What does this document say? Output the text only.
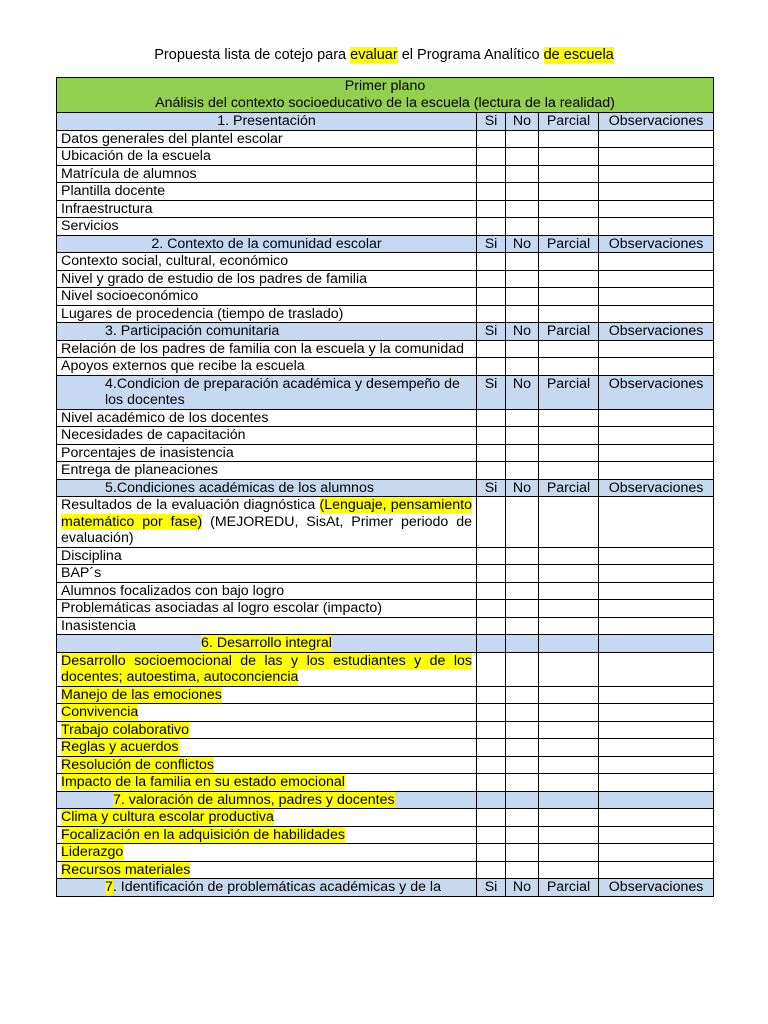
Propuesta lista de cotejo para evaluar el Programa Analítico de escuela
Primer plano
Análisis del contexto socioeducativo de la escuela (lectura de la realidad)				

1. Presentación	Si	No	Parcial	Observaciones
Datos generales del plantel escolar				
Ubicación de la escuela				
Matrícula de alumnos				
Plantilla docente				
Infraestructura				
Servicios				
2. Contexto de la comunidad escolar	Si	No	Parcial	Observaciones
Contexto social, cultural, económico				
Nivel y grado de estudio de los padres de familia				
Nivel socioeconómico				
Lugares de procedencia (tiempo de traslado)				
3. Participación comunitaria	Si	No	Parcial	Observaciones
Relación de los padres de familia con la escuela y la comunidad				
Apoyos externos que recibe la escuela				
4.Condicion de preparación académica y desempeño de los docentes	Si	No	Parcial	Observaciones
Nivel académico de los docentes				
Necesidades de capacitación				
Porcentajes de inasistencia				
Entrega de planeaciones				
5.Condiciones académicas de los alumnos	Si	No	Parcial	Observaciones
Resultados de la evaluación diagnóstica (Lenguaje, pensamiento matemático por fase) (MEJOREDU, SisAt, Primer periodo de evaluación)				
Disciplina				
BAP´s				
Alumnos focalizados con bajo logro				
Problemáticas asociadas al logro escolar (impacto)				
Inasistencia				
6. Desarrollo integral				
Desarrollo socioemocional de las y los estudiantes y de los docentes; autoestima, autoconciencia				
Manejo de las emociones				
Convivencia				
Trabajo colaborativo				
Reglas y acuerdos				
Resolución de conflictos				
Impacto de la familia en su estado emocional				
7. valoración de alumnos, padres y docentes				
Clima y cultura escolar productiva				
Focalización en la adquisición de habilidades				
Liderazgo				
Recursos materiales				
7. Identificación de problemáticas académicas y de la	Si	No	Parcial	Observaciones
